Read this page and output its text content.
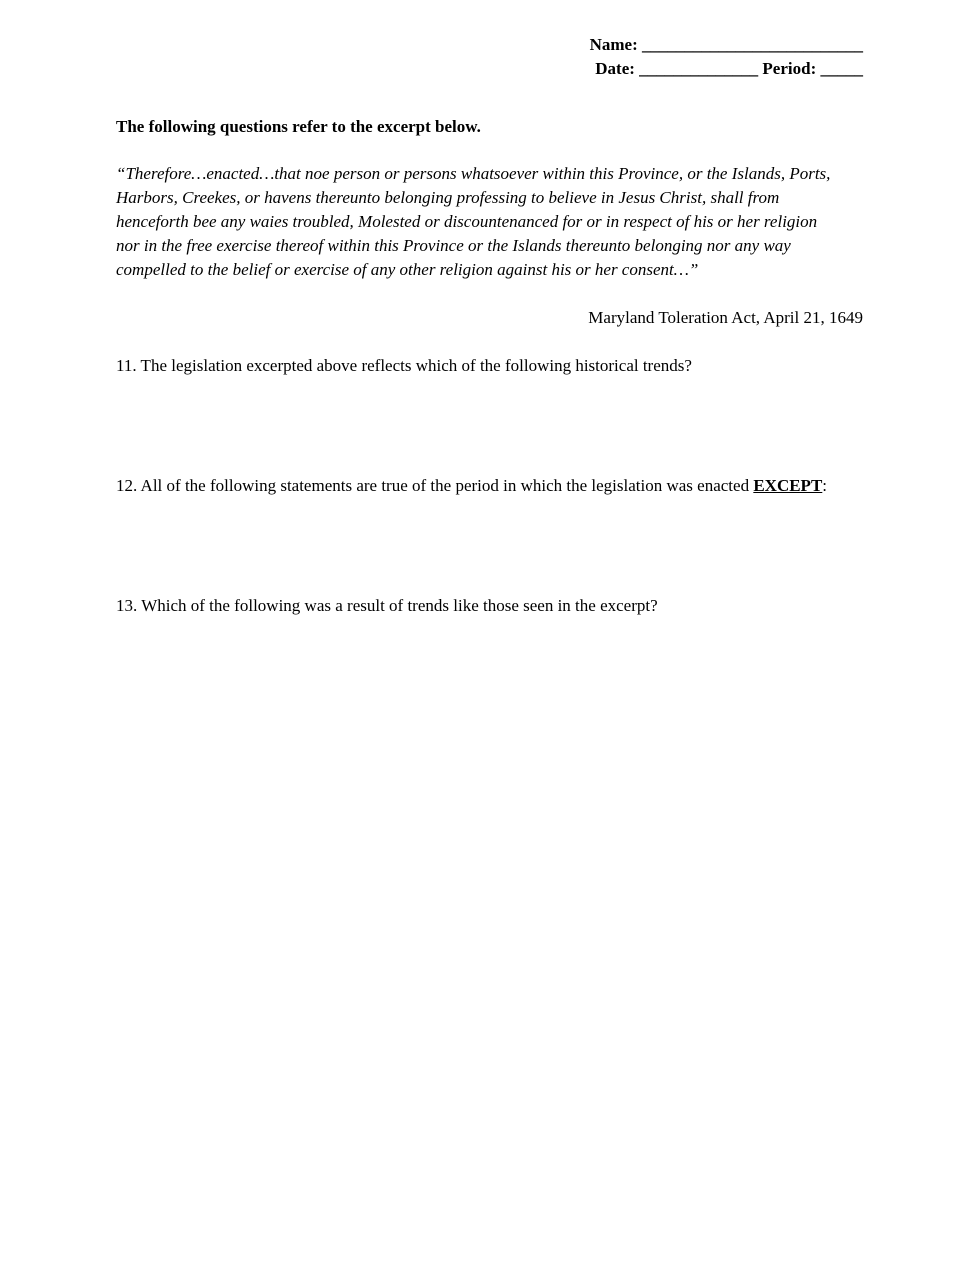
Name: __________________________
Date: ______________ Period: _____
The following questions refer to the excerpt below.
“Therefore…enacted…that noe person or persons whatsoever within this Province, or the Islands, Ports,
Harbors, Creekes, or havens thereunto belonging professing to believe in Jesus Christ, shall from
henceforth bee any waies troubled, Molested or discountenanced for or in respect of his or her religion
nor in the free exercise thereof within this Province or the Islands thereunto belonging nor any way
compelled to the belief or exercise of any other religion against his or her consent…”
Maryland Toleration Act, April 21, 1649
11. The legislation excerpted above reflects which of the following historical trends?
12. All of the following statements are true of the period in which the legislation was enacted EXCEPT:
13. Which of the following was a result of trends like those seen in the excerpt?
